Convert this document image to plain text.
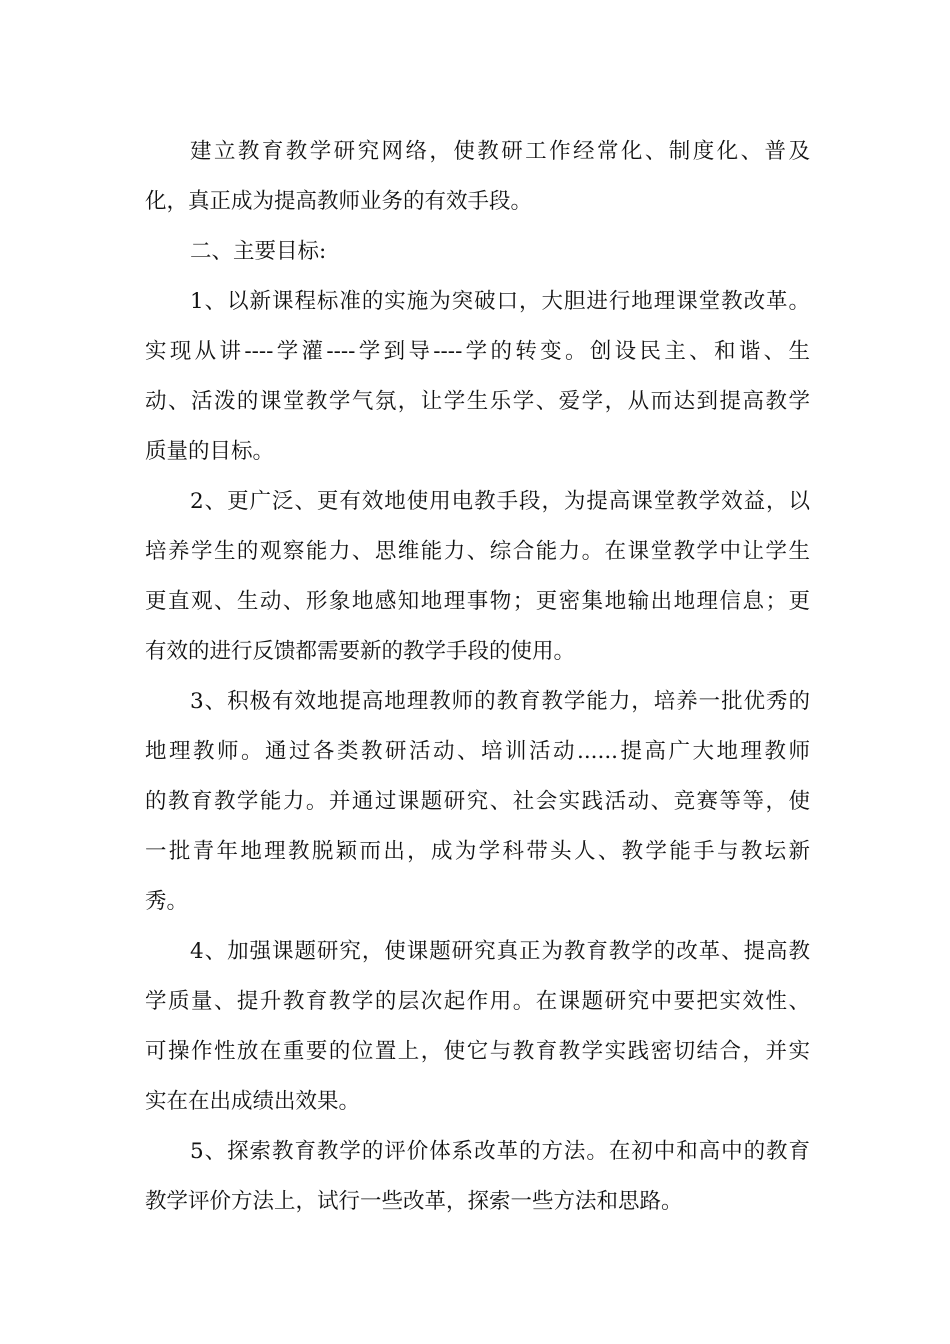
建立教育教学研究网络，使教研工作经常化、制度化、普及
化，真正成为提高教师业务的有效手段。
二、主要目标:
1、以新课程标准的实施为突破口，大胆进行地理课堂教改革。
实现从讲----学灌----学到导----学的转变。创设民主、和谐、生
动、活泼的课堂教学气氛，让学生乐学、爱学，从而达到提高教学
质量的目标。
2、更广泛、更有效地使用电教手段，为提高课堂教学效益，以
培养学生的观察能力、思维能力、综合能力。在课堂教学中让学生
更直观、生动、形象地感知地理事物；更密集地输出地理信息；更
有效的进行反馈都需要新的教学手段的使用。
3、积极有效地提高地理教师的教育教学能力，培养一批优秀的
地理教师。通过各类教研活动、培训活动......提高广大地理教师
的教育教学能力。并通过课题研究、社会实践活动、竞赛等等，使
一批青年地理教脱颖而出，成为学科带头人、教学能手与教坛新
秀。
4、加强课题研究，使课题研究真正为教育教学的改革、提高教
学质量、提升教育教学的层次起作用。在课题研究中要把实效性、
可操作性放在重要的位置上，使它与教育教学实践密切结合，并实
实在在出成绩出效果。
5、探索教育教学的评价体系改革的方法。在初中和高中的教育
教学评价方法上，试行一些改革，探索一些方法和思路。
